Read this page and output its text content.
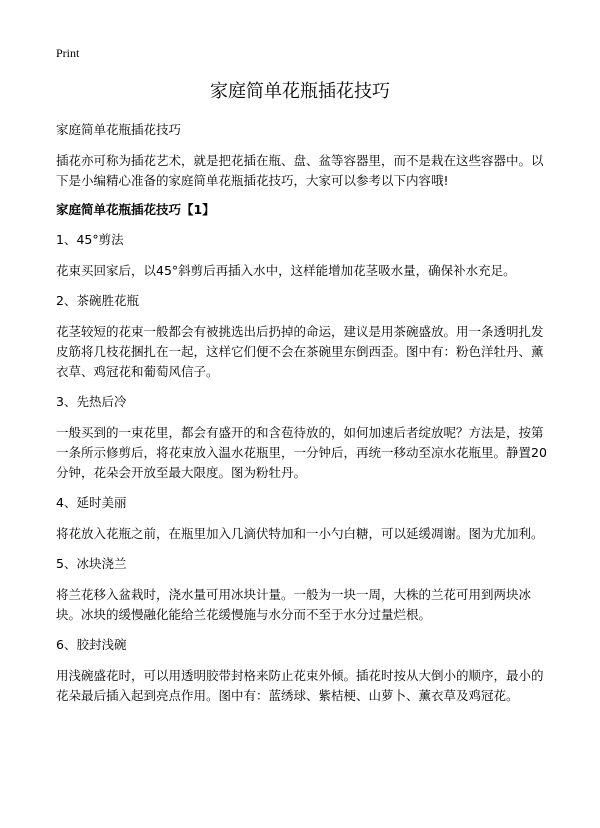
Print
家庭简单花瓶插花技巧

家庭简单花瓶插花技巧

插花亦可称为插花艺术，就是把花插在瓶、盘、盆等容器里，而不是栽在这些容器中。以下是小编精心准备的家庭简单花瓶插花技巧，大家可以参考以下内容哦!

家庭简单花瓶插花技巧【1】

1、45°剪法

花束买回家后，以45°斜剪后再插入水中，这样能增加花茎吸水量，确保补水充足。

2、茶碗胜花瓶

花茎较短的花束一般都会有被挑选出后扔掉的命运，建议是用茶碗盛放。用一条透明扎发皮筋将几枝花捆扎在一起，这样它们便不会在茶碗里东倒西歪。图中有：粉色洋牡丹、薰衣草、鸡冠花和葡萄风信子。

3、先热后冷

一般买到的一束花里，都会有盛开的和含苞待放的，如何加速后者绽放呢？方法是，按第一条所示修剪后，将花束放入温水花瓶里，一分钟后，再统一移动至凉水花瓶里。静置20分钟，花朵会开放至最大限度。图为粉牡丹。

4、延时美丽

将花放入花瓶之前，在瓶里加入几滴伏特加和一小勺白糖，可以延缓凋谢。图为尤加利。

5、冰块浇兰

将兰花移入盆栽时，浇水量可用冰块计量。一般为一块一周，大株的兰花可用到两块冰块。冰块的缓慢融化能给兰花缓慢施与水分而不至于水分过量烂根。

6、胶封浅碗

用浅碗盛花时，可以用透明胶带封格来防止花束外倾。插花时按从大倒小的顺序，最小的花朵最后插入起到亮点作用。图中有：蓝绣球、紫桔梗、山萝卜、薰衣草及鸡冠花。
